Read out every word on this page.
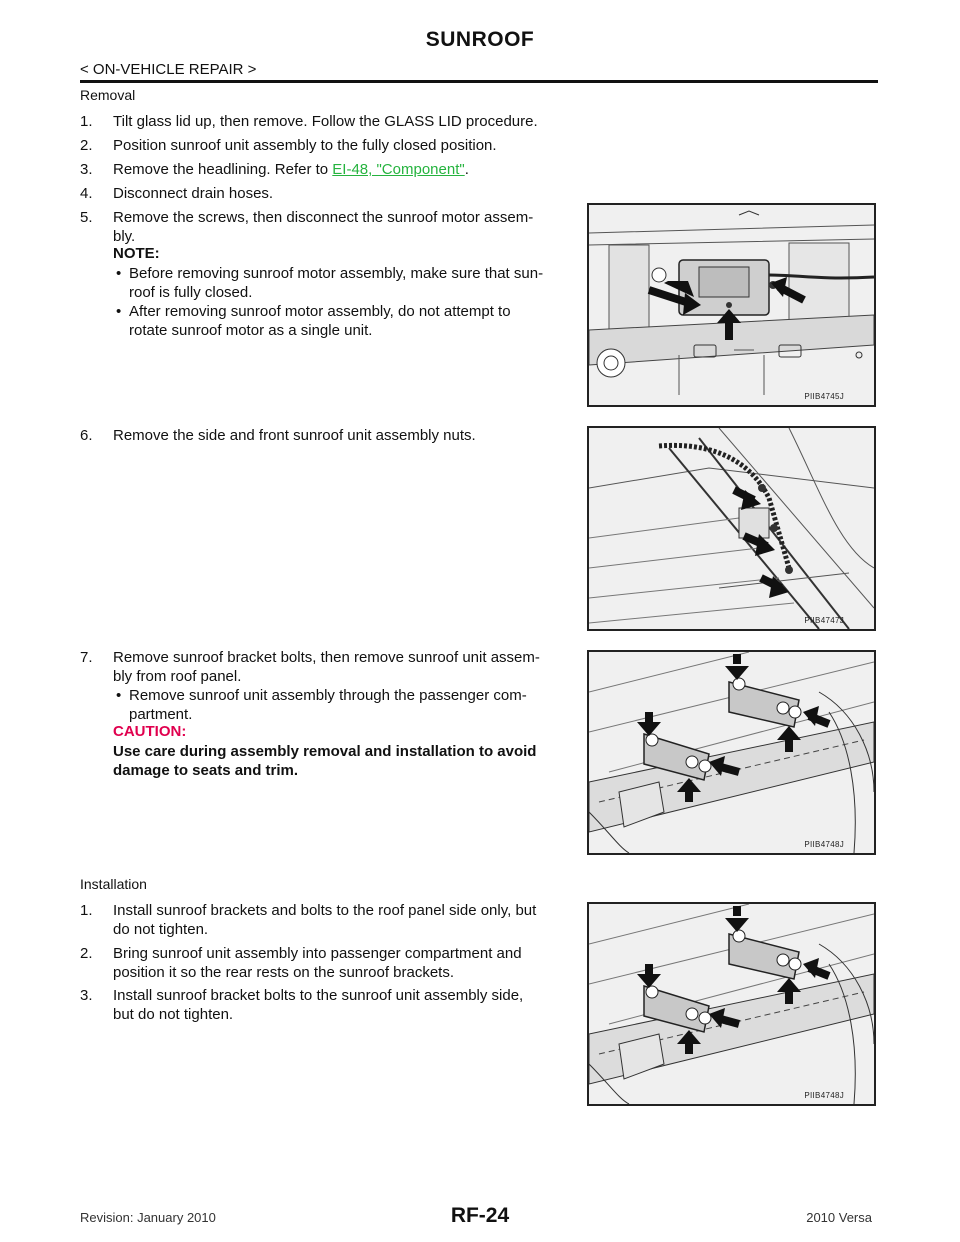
SUNROOF
< ON-VEHICLE REPAIR >
Removal
1. Tilt glass lid up, then remove. Follow the GLASS LID procedure.
2. Position sunroof unit assembly to the fully closed position.
3. Remove the headlining. Refer to EI-48, "Component".
4. Disconnect drain hoses.
5. Remove the screws, then disconnect the sunroof motor assem-
bly.
NOTE:
• Before removing sunroof motor assembly, make sure that sun-
roof is fully closed.
• After removing sunroof motor assembly, do not attempt to
rotate sunroof motor as a single unit.
6. Remove the side and front sunroof unit assembly nuts.
7. Remove sunroof bracket bolts, then remove sunroof unit assem-
bly from roof panel.
• Remove sunroof unit assembly through the passenger com-
partment.
CAUTION:
Use care during assembly removal and installation to avoid
damage to seats and trim.
Installation
1. Install sunroof brackets and bolts to the roof panel side only, but
do not tighten.
2. Bring sunroof unit assembly into passenger compartment and
position it so the rear rests on the sunroof brackets.
3. Install sunroof bracket bolts to the sunroof unit assembly side,
but do not tighten.
PIIB4745J
PIIB4747J
PIIB4748J
PIIB4748J
Revision: January 2010	RF-24	2010 Versa
